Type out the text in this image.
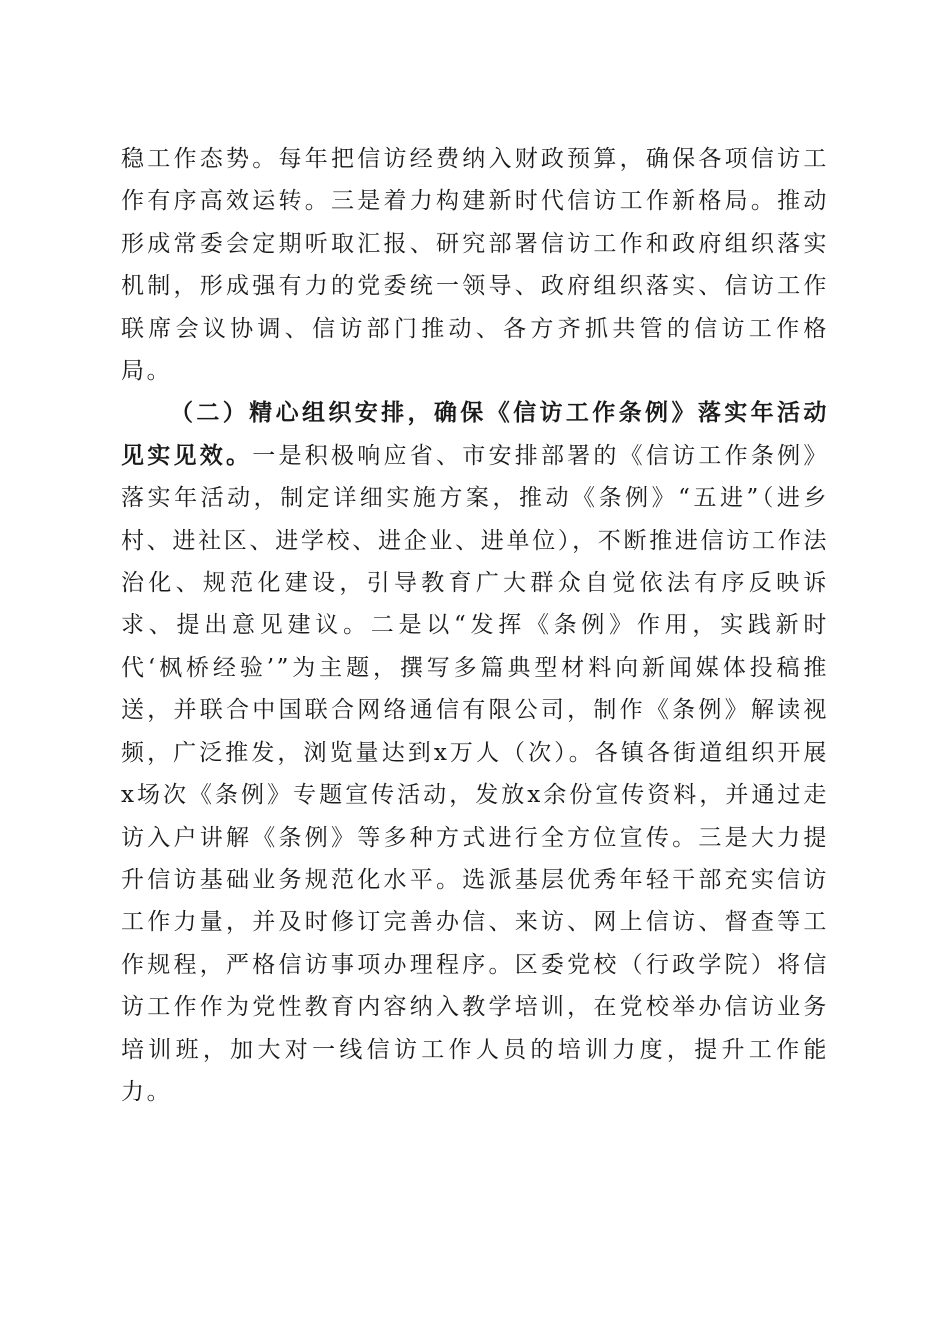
稳工作态势。每年把信访经费纳入财政预算，确保各项信访工作有序高效运转。三是着力构建新时代信访工作新格局。推动形成常委会定期听取汇报、研究部署信访工作和政府组织落实机制，形成强有力的党委统一领导、政府组织落实、信访工作联席会议协调、信访部门推动、各方齐抓共管的信访工作格局。

（二）精心组织安排，确保《信访工作条例》落实年活动见实见效。一是积极响应省、市安排部署的《信访工作条例》落实年活动，制定详细实施方案，推动《条例》“五进”（进乡村、进社区、进学校、进企业、进单位），不断推进信访工作法治化、规范化建设，引导教育广大群众自觉依法有序反映诉求、提出意见建议。二是以“发挥《条例》作用，实践新时代‘枫桥经验’”为主题，撰写多篇典型材料向新闻媒体投稿推送，并联合中国联合网络通信有限公司，制作《条例》解读视频，广泛推发，浏览量达到x万人（次）。各镇各街道组织开展x场次《条例》专题宣传活动，发放x余份宣传资料，并通过走访入户讲解《条例》等多种方式进行全方位宣传。三是大力提升信访基础业务规范化水平。选派基层优秀年轻干部充实信访工作力量，并及时修订完善办信、来访、网上信访、督查等工作规程，严格信访事项办理程序。区委党校（行政学院）将信访工作作为党性教育内容纳入教学培训，在党校举办信访业务培训班，加大对一线信访工作人员的培训力度，提升工作能力。
